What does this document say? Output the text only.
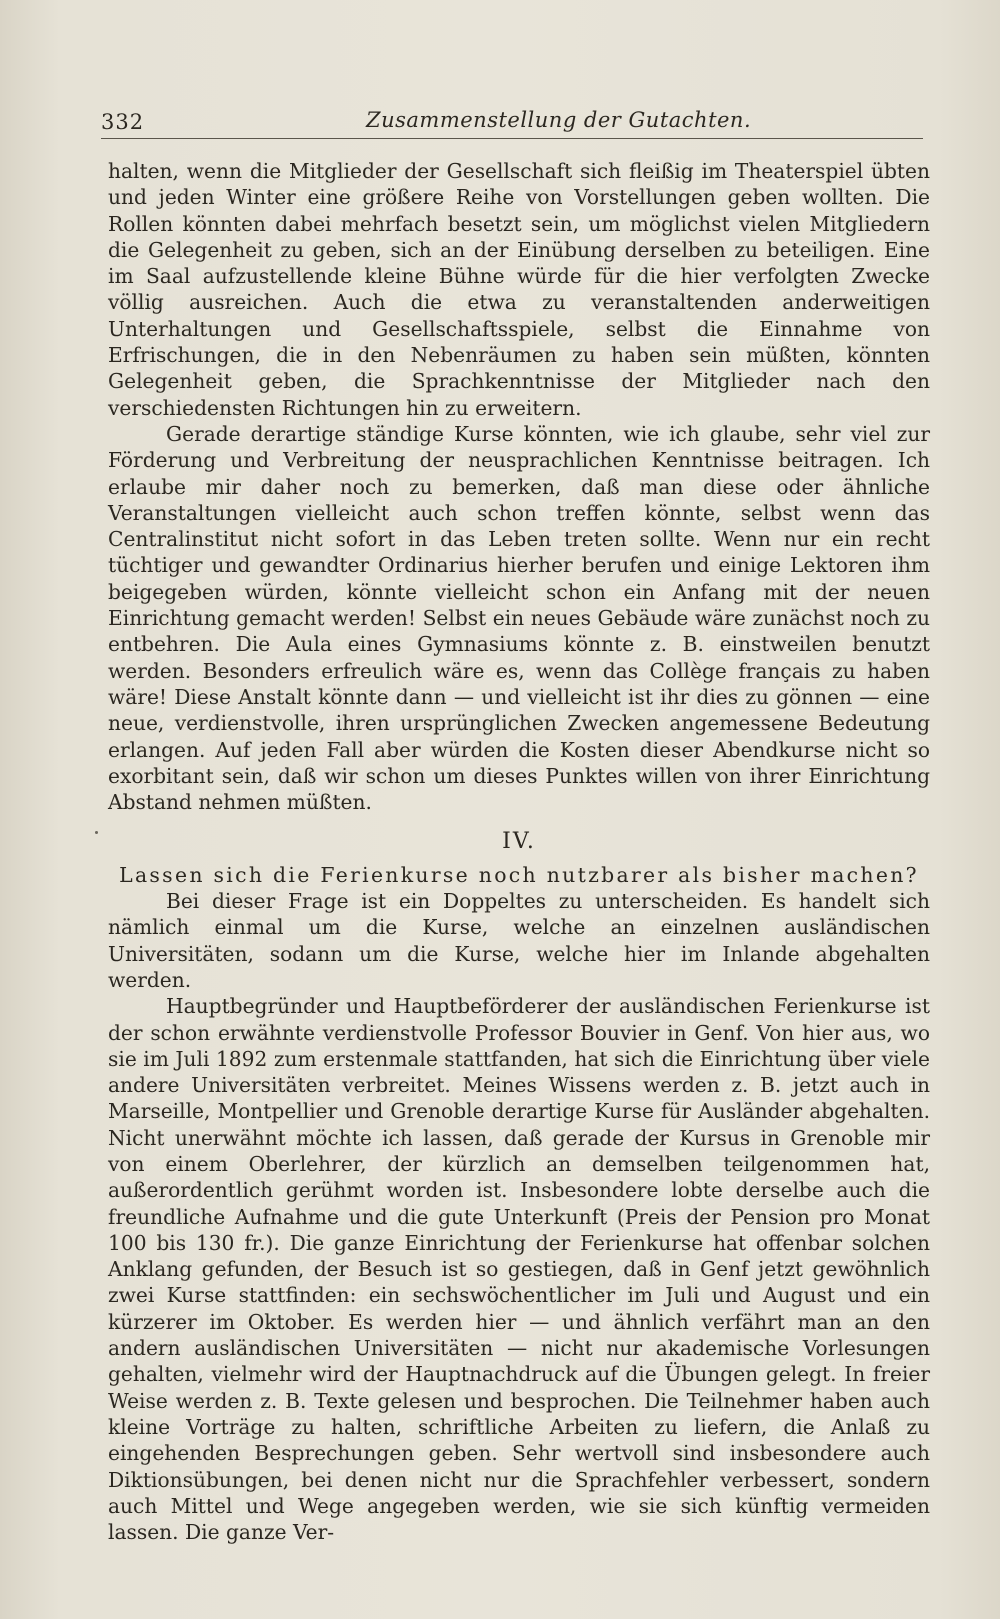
332	Zusammenstellung der Gutachten.

halten, wenn die Mitglieder der Gesellschaft sich fleißig im Theaterspiel übten und jeden Winter eine größere Reihe von Vorstellungen geben wollten. Die Rollen könnten dabei mehrfach besetzt sein, um möglichst vielen Mitgliedern die Gelegenheit zu geben, sich an der Einübung derselben zu beteiligen. Eine im Saal aufzustellende kleine Bühne würde für die hier verfolgten Zwecke völlig ausreichen. Auch die etwa zu veranstaltenden anderweitigen Unterhaltungen und Gesellschaftsspiele, selbst die Einnahme von Erfrischungen, die in den Nebenräumen zu haben sein müßten, könnten Gelegenheit geben, die Sprachkenntnisse der Mitglieder nach den verschiedensten Richtungen hin zu erweitern.

Gerade derartige ständige Kurse könnten, wie ich glaube, sehr viel zur Förderung und Verbreitung der neusprachlichen Kenntnisse beitragen. Ich erlaube mir daher noch zu bemerken, daß man diese oder ähnliche Veranstaltungen vielleicht auch schon treffen könnte, selbst wenn das Centralinstitut nicht sofort in das Leben treten sollte. Wenn nur ein recht tüchtiger und gewandter Ordinarius hierher berufen und einige Lektoren ihm beigegeben würden, könnte vielleicht schon ein Anfang mit der neuen Einrichtung gemacht werden! Selbst ein neues Gebäude wäre zunächst noch zu entbehren. Die Aula eines Gymnasiums könnte z. B. einstweilen benutzt werden. Besonders erfreulich wäre es, wenn das Collège français zu haben wäre! Diese Anstalt könnte dann — und vielleicht ist ihr dies zu gönnen — eine neue, verdienstvolle, ihren ursprünglichen Zwecken angemessene Bedeutung erlangen. Auf jeden Fall aber würden die Kosten dieser Abendkurse nicht so exorbitant sein, daß wir schon um dieses Punktes willen von ihrer Einrichtung Abstand nehmen müßten.

IV.

Lassen sich die Ferienkurse noch nutzbarer als bisher machen?

Bei dieser Frage ist ein Doppeltes zu unterscheiden. Es handelt sich nämlich einmal um die Kurse, welche an einzelnen ausländischen Universitäten, sodann um die Kurse, welche hier im Inlande abgehalten werden.

Hauptbegründer und Hauptbeförderer der ausländischen Ferienkurse ist der schon erwähnte verdienstvolle Professor Bouvier in Genf. Von hier aus, wo sie im Juli 1892 zum erstenmale stattfanden, hat sich die Einrichtung über viele andere Universitäten verbreitet. Meines Wissens werden z. B. jetzt auch in Marseille, Montpellier und Grenoble derartige Kurse für Ausländer abgehalten. Nicht unerwähnt möchte ich lassen, daß gerade der Kursus in Grenoble mir von einem Oberlehrer, der kürzlich an demselben teilgenommen hat, außerordentlich gerühmt worden ist. Insbesondere lobte derselbe auch die freundliche Aufnahme und die gute Unterkunft (Preis der Pension pro Monat 100 bis 130 fr.). Die ganze Einrichtung der Ferienkurse hat offenbar solchen Anklang gefunden, der Besuch ist so gestiegen, daß in Genf jetzt gewöhnlich zwei Kurse stattfinden: ein sechswöchentlicher im Juli und August und ein kürzerer im Oktober. Es werden hier — und ähnlich verfährt man an den andern ausländischen Universitäten — nicht nur akademische Vorlesungen gehalten, vielmehr wird der Hauptnachdruck auf die Übungen gelegt. In freier Weise werden z. B. Texte gelesen und besprochen. Die Teilnehmer haben auch kleine Vorträge zu halten, schriftliche Arbeiten zu liefern, die Anlaß zu eingehenden Besprechungen geben. Sehr wertvoll sind insbesondere auch Diktionsübungen, bei denen nicht nur die Sprachfehler verbessert, sondern auch Mittel und Wege angegeben werden, wie sie sich künftig vermeiden lassen. Die ganze Ver-
